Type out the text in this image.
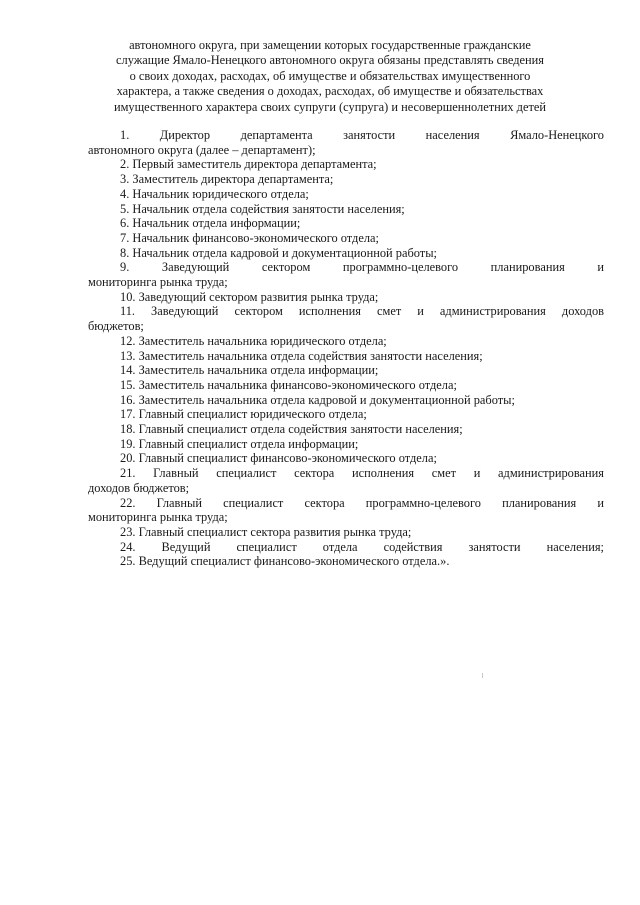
автономного округа, при замещении которых государственные гражданские
служащие Ямало-Ненецкого автономного округа обязаны представлять сведения
о своих доходах, расходах, об имуществе и обязательствах имущественного
характера, а также сведения о доходах, расходах, об имуществе и обязательствах
имущественного характера своих супруги (супруга) и несовершеннолетних детей
1. Директор департамента занятости населения Ямало-Ненецкого
автономного округа (далее – департамент);
2. Первый заместитель директора департамента;
3. Заместитель директора департамента;
4. Начальник юридического отдела;
5. Начальник отдела содействия занятости населения;
6. Начальник отдела информации;
7. Начальник финансово-экономического отдела;
8. Начальник отдела кадровой и документационной работы;
9. Заведующий сектором программно-целевого планирования и
мониторинга рынка труда;
10. Заведующий сектором развития рынка труда;
11. Заведующий сектором исполнения смет и администрирования доходов
бюджетов;
12. Заместитель начальника юридического отдела;
13. Заместитель начальника отдела содействия занятости населения;
14. Заместитель начальника отдела информации;
15. Заместитель начальника финансово-экономического отдела;
16. Заместитель начальника отдела кадровой и документационной работы;
17. Главный специалист юридического отдела;
18. Главный специалист отдела содействия занятости населения;
19. Главный специалист отдела информации;
20. Главный специалист финансово-экономического отдела;
21. Главный специалист сектора исполнения смет и администрирования
доходов бюджетов;
22. Главный специалист сектора программно-целевого планирования и
мониторинга рынка труда;
23. Главный специалист сектора развития рынка труда;
24. Ведущий специалист отдела содействия занятости населения;
25. Ведущий специалист финансово-экономического отдела.».
